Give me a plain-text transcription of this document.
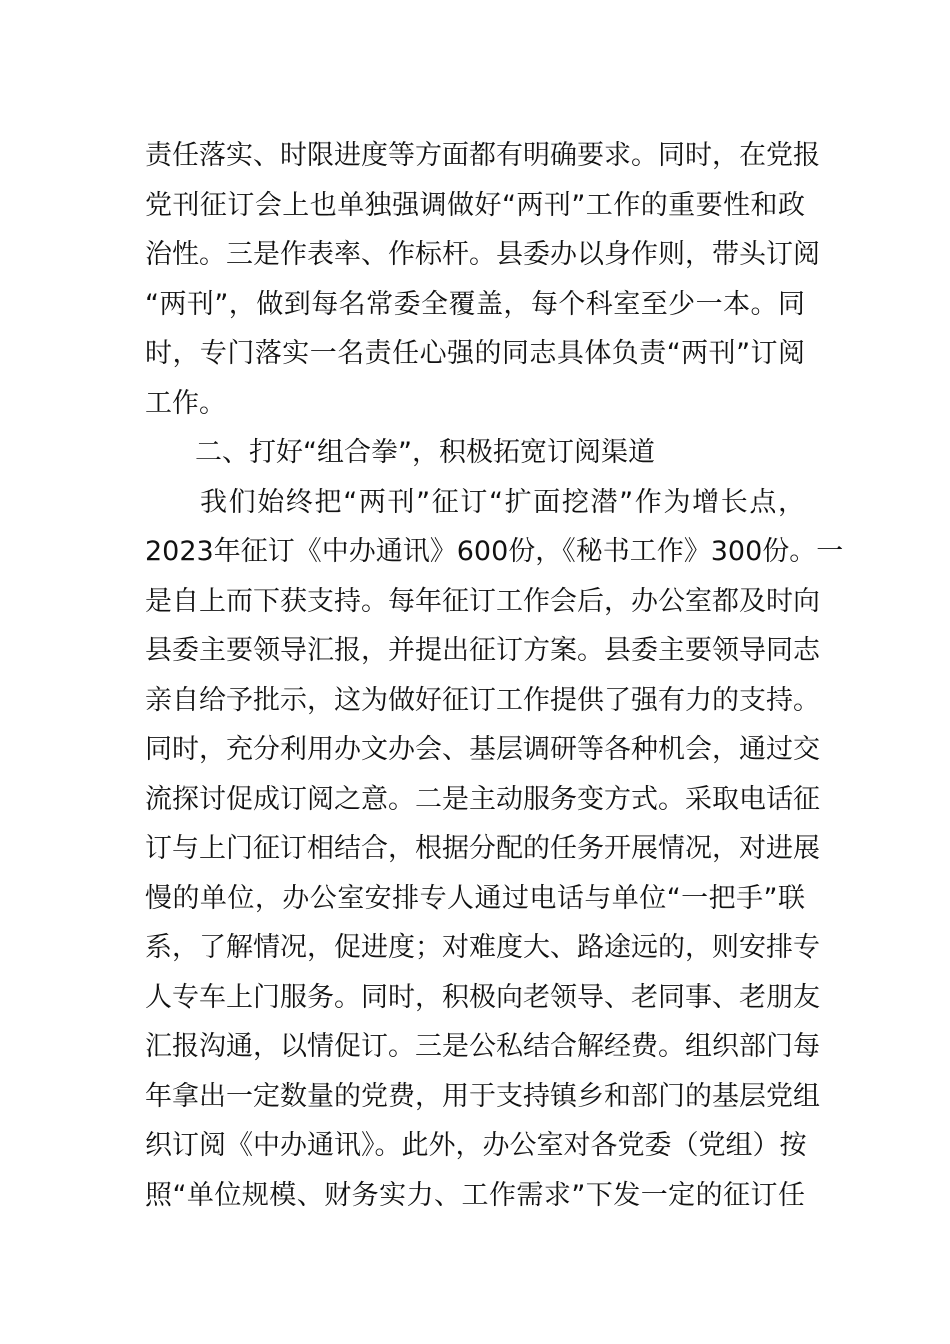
责任落实、时限进度等方面都有明确要求。同时，在党报
党刊征订会上也单独强调做好“两刊”工作的重要性和政
治性。三是作表率、作标杆。县委办以身作则，带头订阅
“两刊”，做到每名常委全覆盖，每个科室至少一本。同
时，专门落实一名责任心强的同志具体负责“两刊”订阅
工作。
二、打好“组合拳”，积极拓宽订阅渠道
我们始终把“两刊”征订“扩面挖潜”作为增长点，
2023年征订《中办通讯》600份，《秘书工作》300份。一
是自上而下获支持。每年征订工作会后，办公室都及时向
县委主要领导汇报，并提出征订方案。县委主要领导同志
亲自给予批示，这为做好征订工作提供了强有力的支持。
同时，充分利用办文办会、基层调研等各种机会，通过交
流探讨促成订阅之意。二是主动服务变方式。采取电话征
订与上门征订相结合，根据分配的任务开展情况，对进展
慢的单位，办公室安排专人通过电话与单位“一把手”联
系，了解情况，促进度；对难度大、路途远的，则安排专
人专车上门服务。同时，积极向老领导、老同事、老朋友
汇报沟通，以情促订。三是公私结合解经费。组织部门每
年拿出一定数量的党费，用于支持镇乡和部门的基层党组
织订阅《中办通讯》。此外，办公室对各党委（党组）按
照“单位规模、财务实力、工作需求”下发一定的征订任
